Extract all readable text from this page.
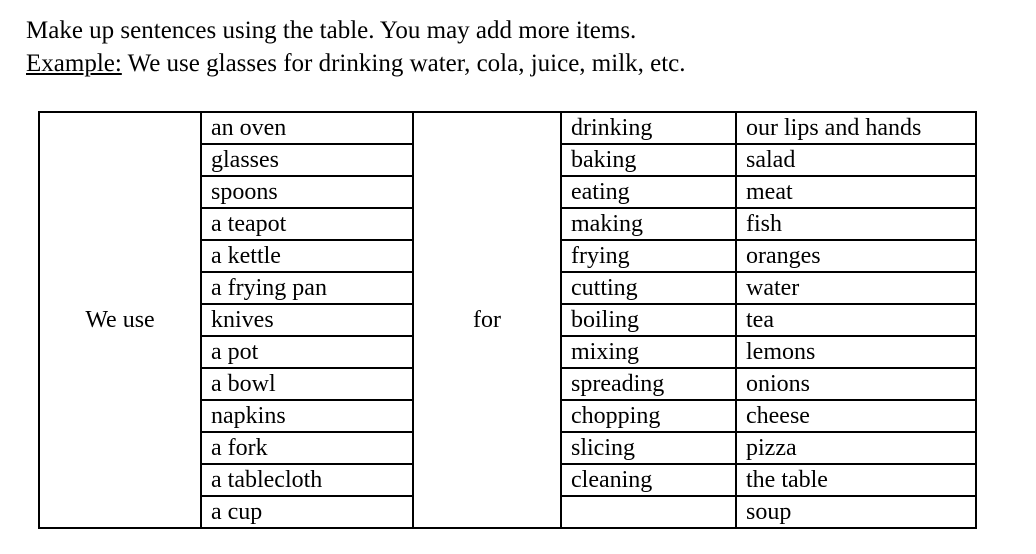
Make up sentences using the table. You may add more items.

Example: We use glasses for drinking water, cola, juice, milk, etc.

We use	an oven	for	drinking	our lips and hands
	glasses		baking	salad
	spoons		eating	meat
	a teapot		making	fish
	a kettle		frying	oranges
	a frying pan		cutting	water
	knives		boiling	tea
	a pot		mixing	lemons
	a bowl		spreading	onions
	napkins		chopping	cheese
	a fork		slicing	pizza
	a tablecloth		cleaning	the table
	a cup			soup
